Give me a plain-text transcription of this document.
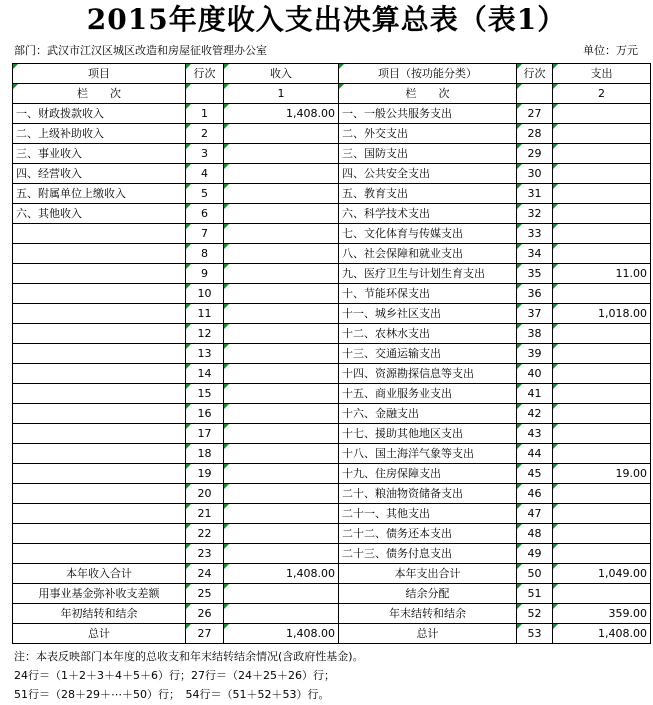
2015年度收入支出决算总表（表1）
部门：武汉市江汉区城区改造和房屋征收管理办公室	单位：万元
项目	行次	收入	项目（按功能分类）	行次	支出
栏　　次		1	栏　　次		2
一、财政拨款收入	1	1,408.00	一、一般公共服务支出	27	
二、上级补助收入	2		二、外交支出	28	
三、事业收入	3		三、国防支出	29	
四、经营收入	4		四、公共安全支出	30	
五、附属单位上缴收入	5		五、教育支出	31	
六、其他收入	6		六、科学技术支出	32	
	7		七、文化体育与传媒支出	33	
	8		八、社会保障和就业支出	34	
	9		九、医疗卫生与计划生育支出	35	11.00
	10		十、节能环保支出	36	
	11		十一、城乡社区支出	37	1,018.00
	12		十二、农林水支出	38	
	13		十三、交通运输支出	39	
	14		十四、资源勘探信息等支出	40	
	15		十五、商业服务业支出	41	
	16		十六、金融支出	42	
	17		十七、援助其他地区支出	43	
	18		十八、国土海洋气象等支出	44	
	19		十九、住房保障支出	45	19.00
	20		二十、粮油物资储备支出	46	
	21		二十一、其他支出	47	
	22		二十二、债务还本支出	48	
	23		二十三、债务付息支出	49	
本年收入合计	24	1,408.00	本年支出合计	50	1,049.00
用事业基金弥补收支差额	25		结余分配	51	
年初结转和结余	26		年末结转和结余	52	359.00
总计	27	1,408.00	总计	53	1,408.00
注：本表反映部门本年度的总收支和年末结转结余情况(含政府性基金)。
24行＝（1＋2＋3＋4＋5＋6）行；27行＝（24＋25＋26）行；
51行＝（28＋29＋⋯＋50）行；　54行＝（51＋52＋53）行。
